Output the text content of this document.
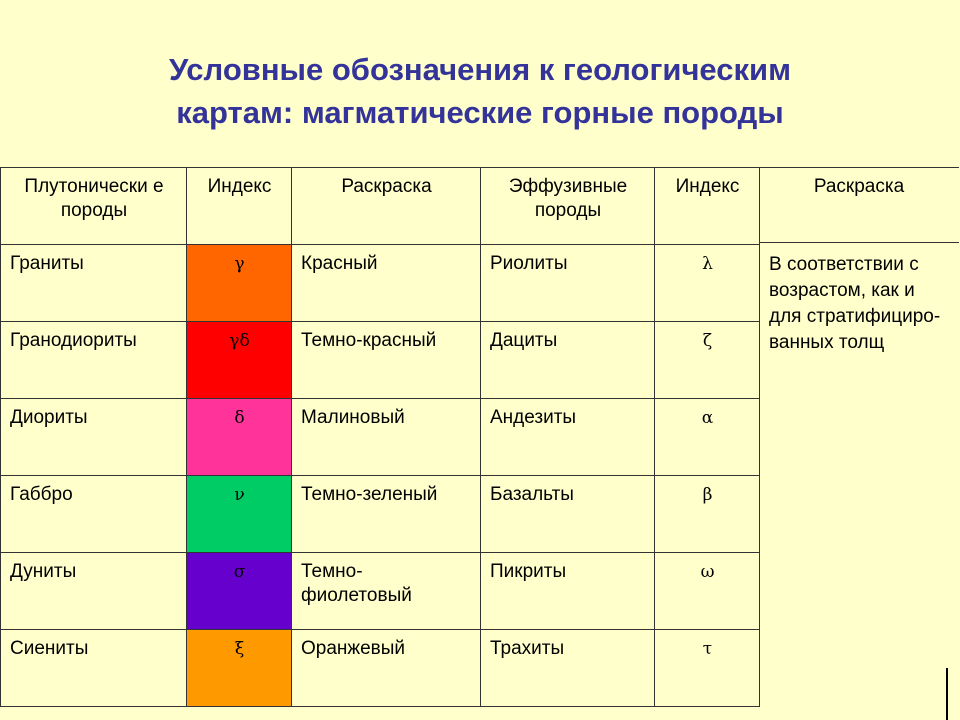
Условные обозначения к геологическим
картам: магматические горные породы
Плутонически е породы	Индекс	Раскраска	Эффузивные породы	Индекс
Граниты	γ	Красный	Риолиты	λ
Гранодиориты	γδ	Темно-красный	Дациты	ζ
Диориты	δ	Малиновый	Андезиты	α
Габбро	ν	Темно-зеленый	Базальты	β
Дуниты	σ	Темно-фиолетовый	Пикриты	ω
Сиениты	ξ	Оранжевый	Трахиты	τ
Раскраска
В соответствии с возрастом, как и для стратифициро-ванных толщ
